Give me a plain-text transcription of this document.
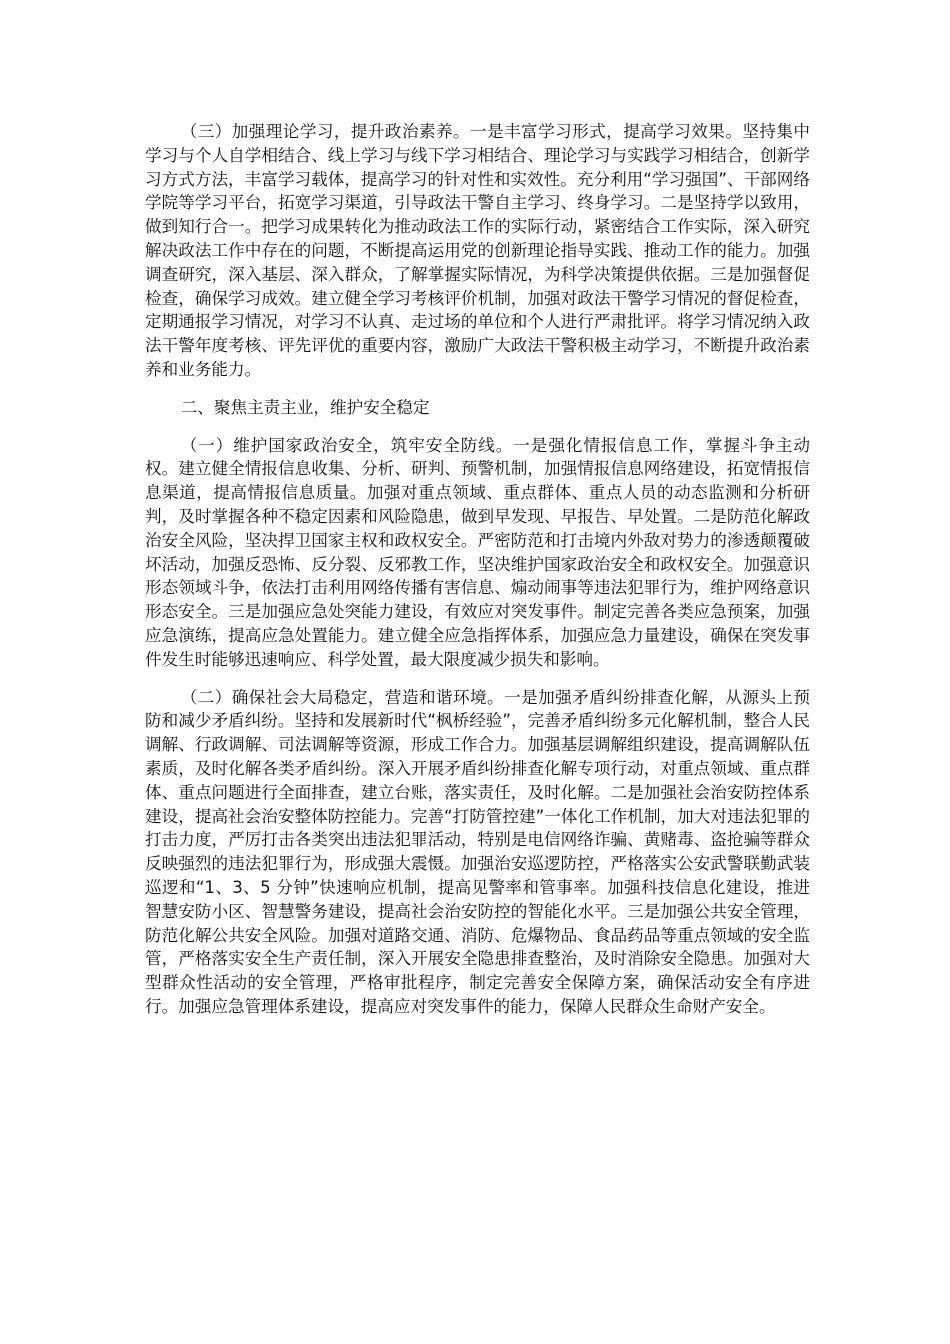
（三）加强理论学习，提升政治素养。一是丰富学习形式，提高学习效果。坚持集中学习与个人自学相结合、线上学习与线下学习相结合、理论学习与实践学习相结合，创新学习方式方法，丰富学习载体，提高学习的针对性和实效性。充分利用“学习强国”、干部网络学院等学习平台，拓宽学习渠道，引导政法干警自主学习、终身学习。二是坚持学以致用，做到知行合一。把学习成果转化为推动政法工作的实际行动，紧密结合工作实际，深入研究解决政法工作中存在的问题，不断提高运用党的创新理论指导实践、推动工作的能力。加强调查研究，深入基层、深入群众，了解掌握实际情况，为科学决策提供依据。三是加强督促检查，确保学习成效。建立健全学习考核评价机制，加强对政法干警学习情况的督促检查，定期通报学习情况，对学习不认真、走过场的单位和个人进行严肃批评。将学习情况纳入政法干警年度考核、评先评优的重要内容，激励广大政法干警积极主动学习，不断提升政治素养和业务能力。

二、聚焦主责主业，维护安全稳定

（一）维护国家政治安全，筑牢安全防线。一是强化情报信息工作，掌握斗争主动权。建立健全情报信息收集、分析、研判、预警机制，加强情报信息网络建设，拓宽情报信息渠道，提高情报信息质量。加强对重点领域、重点群体、重点人员的动态监测和分析研判，及时掌握各种不稳定因素和风险隐患，做到早发现、早报告、早处置。二是防范化解政治安全风险，坚决捍卫国家主权和政权安全。严密防范和打击境内外敌对势力的渗透颠覆破坏活动，加强反恐怖、反分裂、反邪教工作，坚决维护国家政治安全和政权安全。加强意识形态领域斗争，依法打击利用网络传播有害信息、煽动闹事等违法犯罪行为，维护网络意识形态安全。三是加强应急处突能力建设，有效应对突发事件。制定完善各类应急预案，加强应急演练，提高应急处置能力。建立健全应急指挥体系，加强应急力量建设，确保在突发事件发生时能够迅速响应、科学处置，最大限度减少损失和影响。

（二）确保社会大局稳定，营造和谐环境。一是加强矛盾纠纷排查化解，从源头上预防和减少矛盾纠纷。坚持和发展新时代“枫桥经验”，完善矛盾纠纷多元化解机制，整合人民调解、行政调解、司法调解等资源，形成工作合力。加强基层调解组织建设，提高调解队伍素质，及时化解各类矛盾纠纷。深入开展矛盾纠纷排查化解专项行动，对重点领域、重点群体、重点问题进行全面排查，建立台账，落实责任，及时化解。二是加强社会治安防控体系建设，提高社会治安整体防控能力。完善“打防管控建”一体化工作机制，加大对违法犯罪的打击力度，严厉打击各类突出违法犯罪活动，特别是电信网络诈骗、黄赌毒、盗抢骗等群众反映强烈的违法犯罪行为，形成强大震慑。加强治安巡逻防控，严格落实公安武警联勤武装巡逻和“1、3、5 分钟”快速响应机制，提高见警率和管事率。加强科技信息化建设，推进智慧安防小区、智慧警务建设，提高社会治安防控的智能化水平。三是加强公共安全管理，防范化解公共安全风险。加强对道路交通、消防、危爆物品、食品药品等重点领域的安全监管，严格落实安全生产责任制，深入开展安全隐患排查整治，及时消除安全隐患。加强对大型群众性活动的安全管理，严格审批程序，制定完善安全保障方案，确保活动安全有序进行。加强应急管理体系建设，提高应对突发事件的能力，保障人民群众生命财产安全。
